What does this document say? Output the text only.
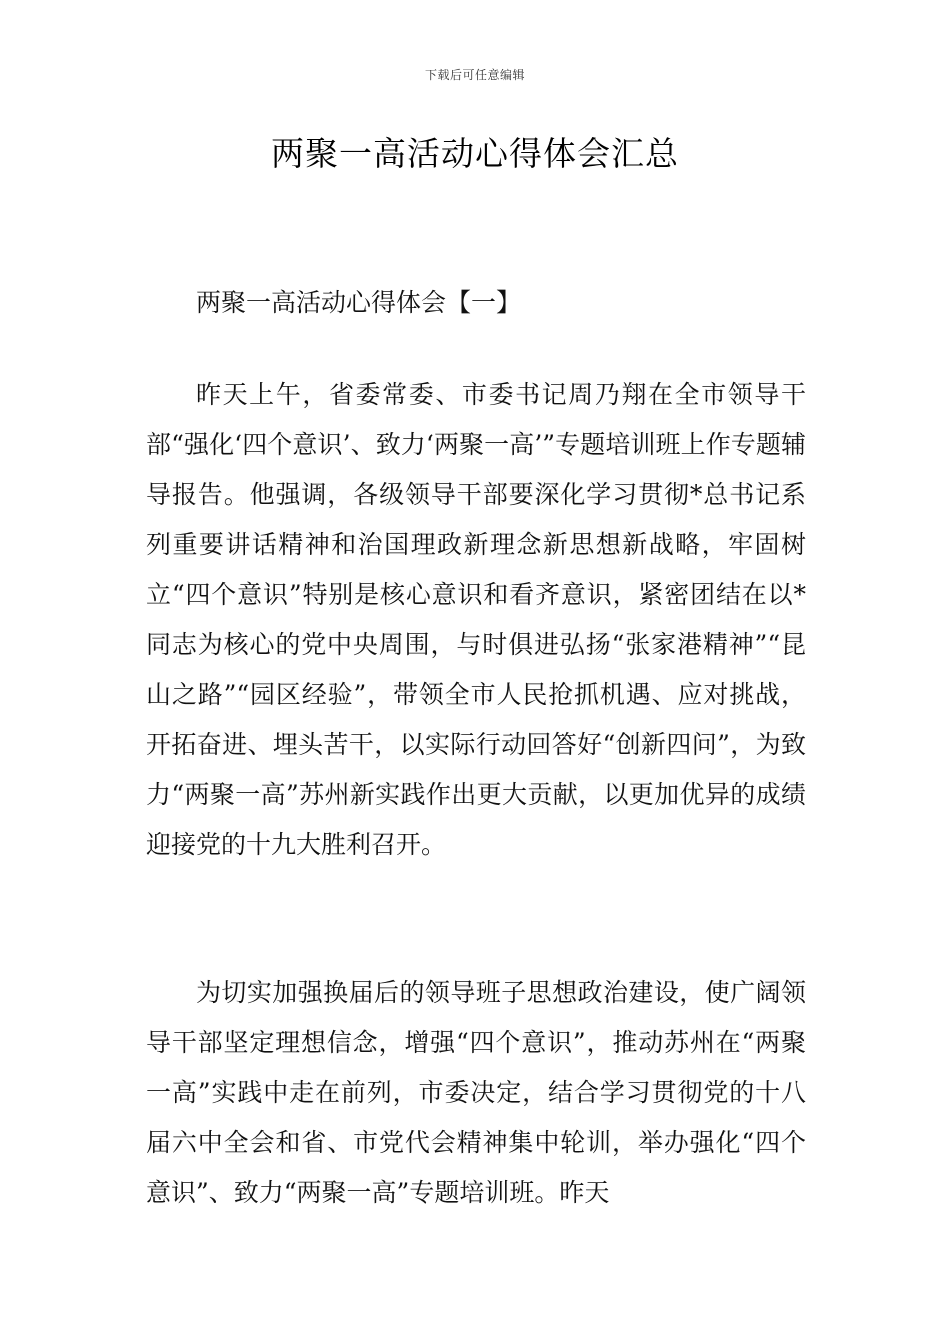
下载后可任意编辑
两聚一高活动心得体会汇总
两聚一高活动心得体会【一】

昨天上午，省委常委、市委书记周乃翔在全市领导干部“强化‘四个意识’、致力‘两聚一高’”专题培训班上作专题辅导报告。他强调，各级领导干部要深化学习贯彻*总书记系列重要讲话精神和治国理政新理念新思想新战略，牢固树立“四个意识”特别是核心意识和看齐意识，紧密团结在以*同志为核心的党中央周围，与时俱进弘扬“张家港精神”“昆山之路”“园区经验”，带领全市人民抢抓机遇、应对挑战，开拓奋进、埋头苦干，以实际行动回答好“创新四问”，为致力“两聚一高”苏州新实践作出更大贡献，以更加优异的成绩迎接党的十九大胜利召开。

为切实加强换届后的领导班子思想政治建设，使广阔领导干部坚定理想信念，增强“四个意识”，推动苏州在“两聚一高”实践中走在前列，市委决定，结合学习贯彻党的十八届六中全会和省、市党代会精神集中轮训，举办强化“四个意识”、致力“两聚一高”专题培训班。昨天
